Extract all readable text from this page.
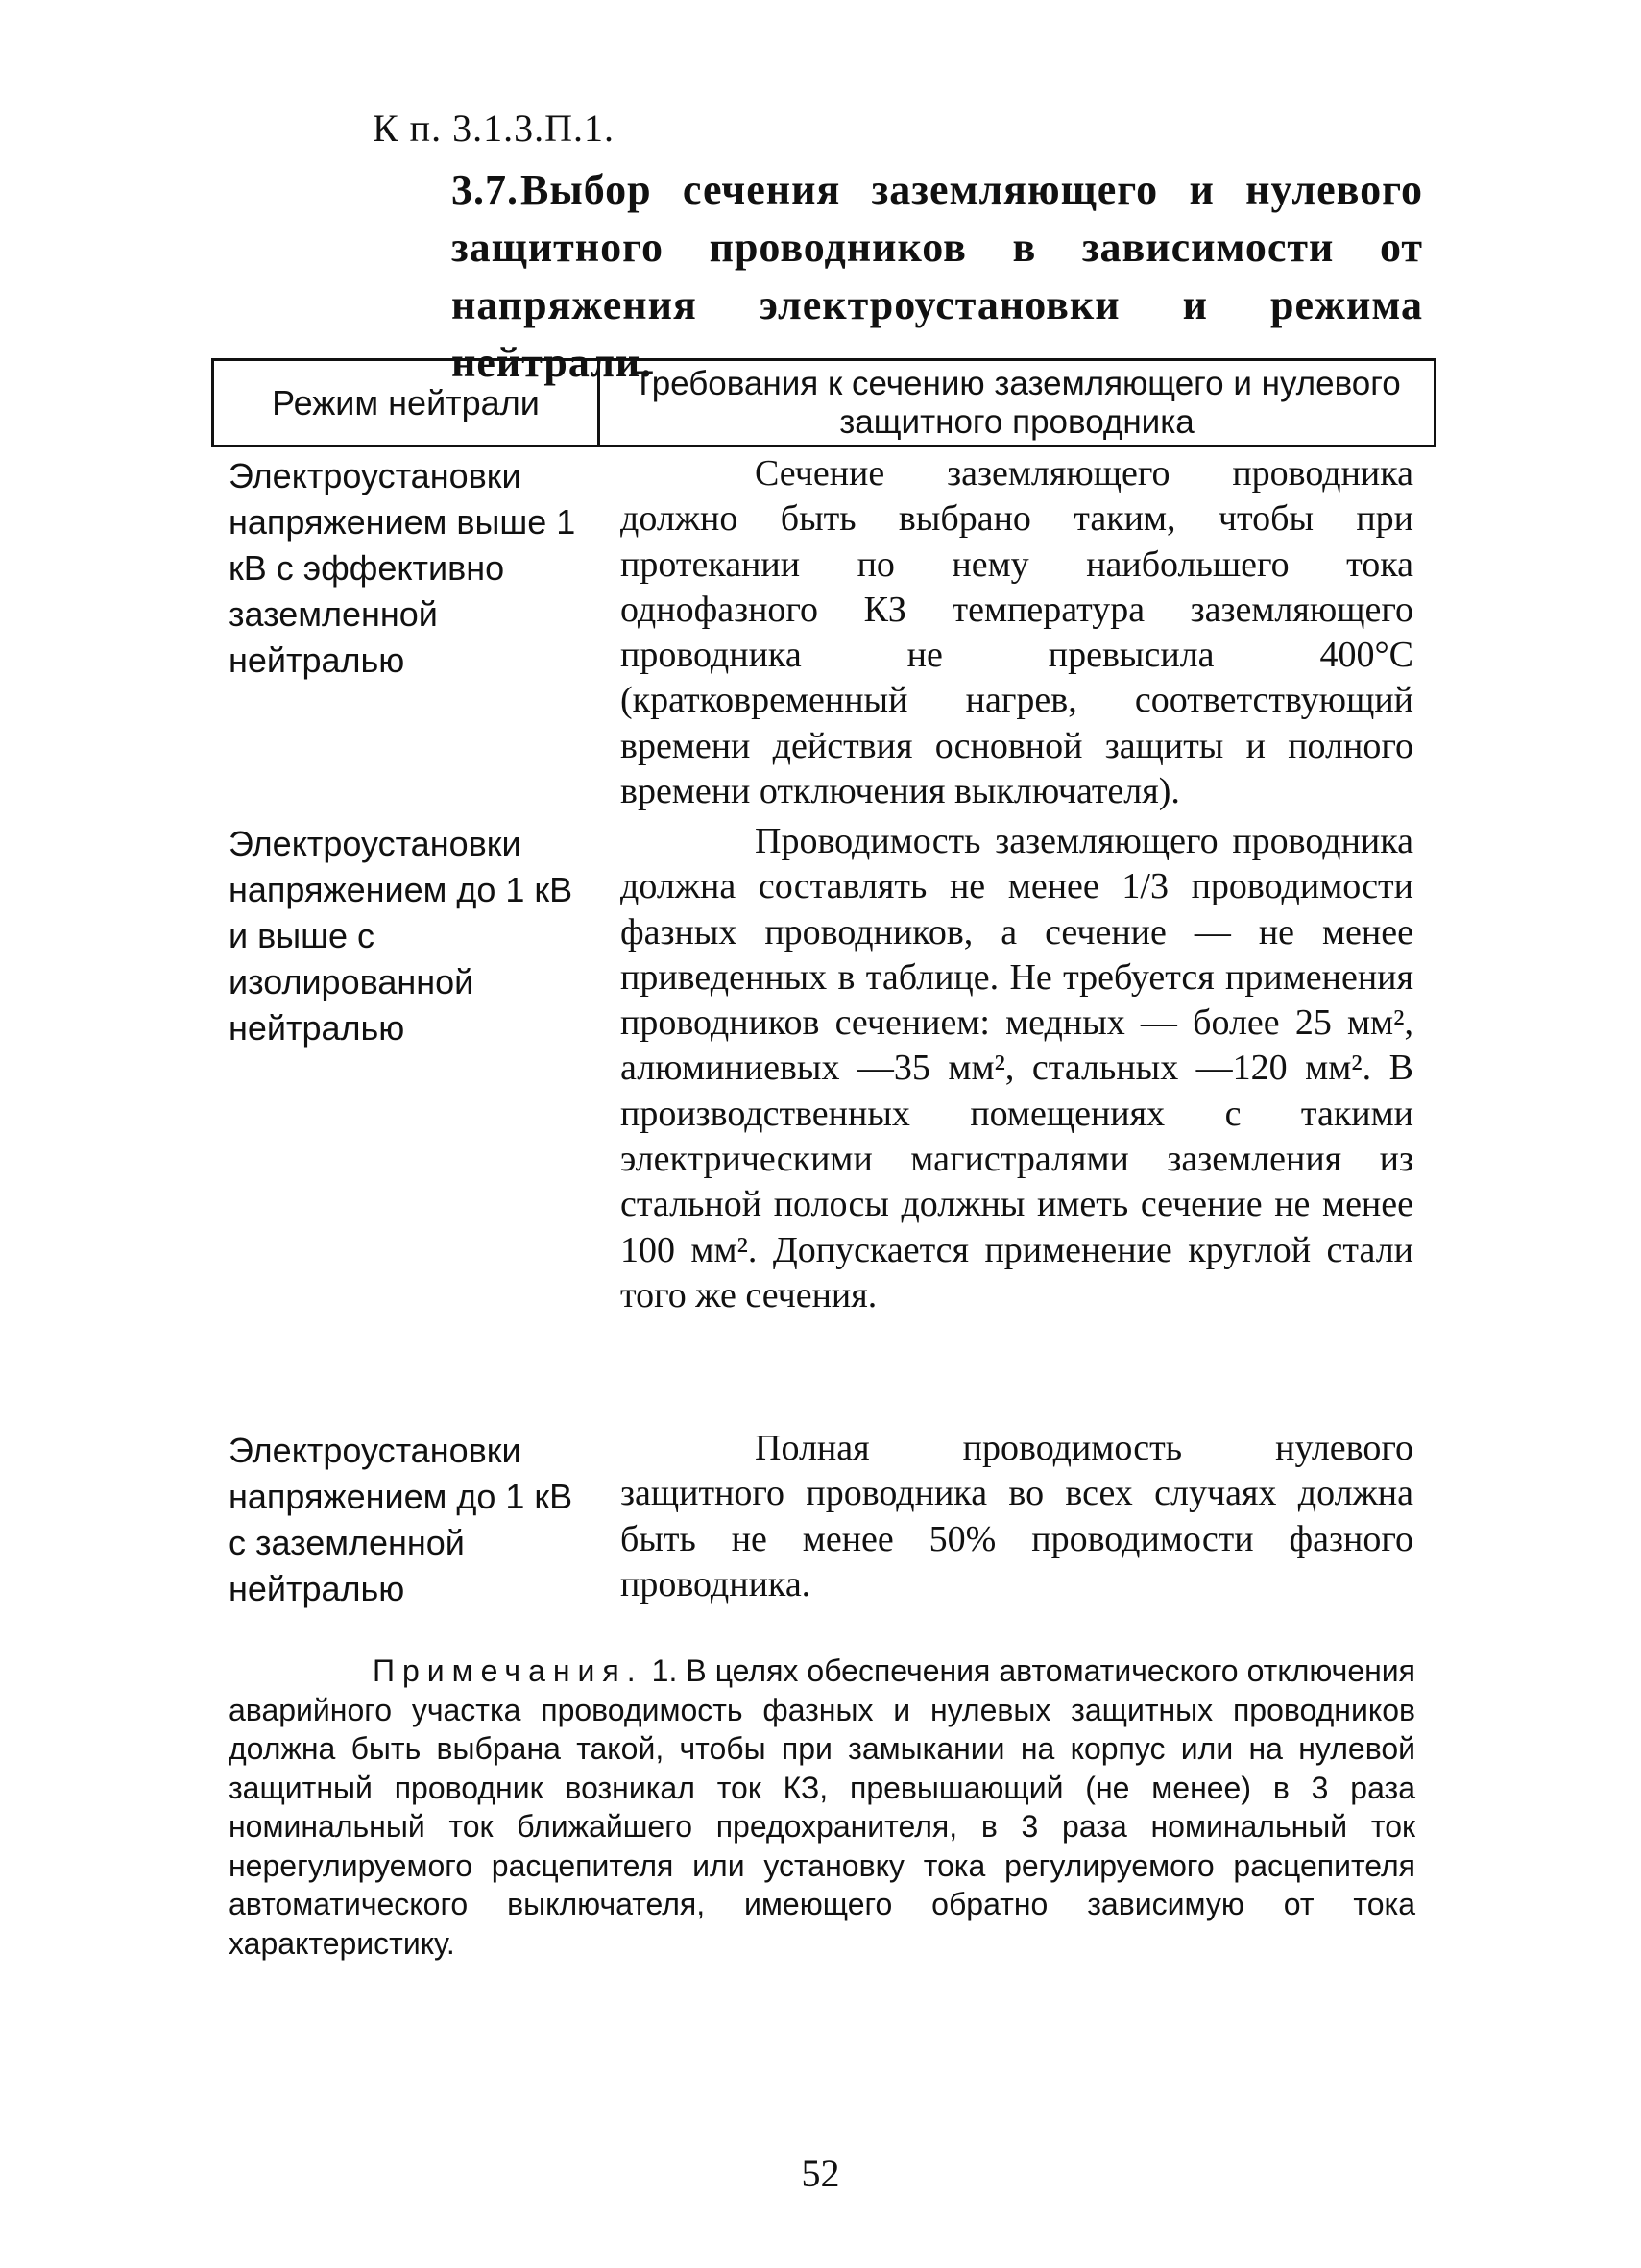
К п. 3.1.3.П.1.

3.7. Выбор сечения заземляющего и нулевого защитного проводников в зависимости от напряжения электроустановки и режима нейтрали.
Режим нейтрали	Требования к сечению заземляющего и нулевого защитного проводника

Электроустановки напряжением выше 1 кВ с эффективно заземленной нейтралью

Сечение заземляющего проводника должно быть выбрано таким, чтобы при протекании по нему наибольшего тока однофазного КЗ температура заземляющего проводника не превысила 400°С (кратковременный нагрев, соответствующий времени действия основной защиты и полного времени отключения выключателя).

Электроустановки напряжением до 1 кВ и выше с изолированной нейтралью

Проводимость заземляющего проводника должна составлять не менее 1/3 проводимости фазных проводников, а сечение — не менее приведенных в таблице. Не требуется применения проводников сечением: медных — более 25 мм², алюминиевых —35 мм², стальных —120 мм². В производственных помещениях с такими электрическими магистралями заземления из стальной полосы должны иметь сечение не менее 100 мм². Допускается применение круглой стали того же сечения.

Электроустановки напряжением до 1 кВ с заземленной нейтралью

Полная проводимость нулевого защитного проводника во всех случаях должна быть не менее 50% проводимости фазного проводника.

Примечания. 1. В целях обеспечения автоматического отключения аварийного участка проводимость фазных и нулевых защитных проводников должна быть выбрана такой, чтобы при замыкании на корпус или на нулевой защитный проводник возникал ток КЗ, превышающий (не менее) в 3 раза номинальный ток ближайшего предохранителя, в 3 раза номинальный ток нерегулируемого расцепителя или установку тока регулируемого расцепителя автоматического выключателя, имеющего обратно зависимую от тока характеристику.

52
